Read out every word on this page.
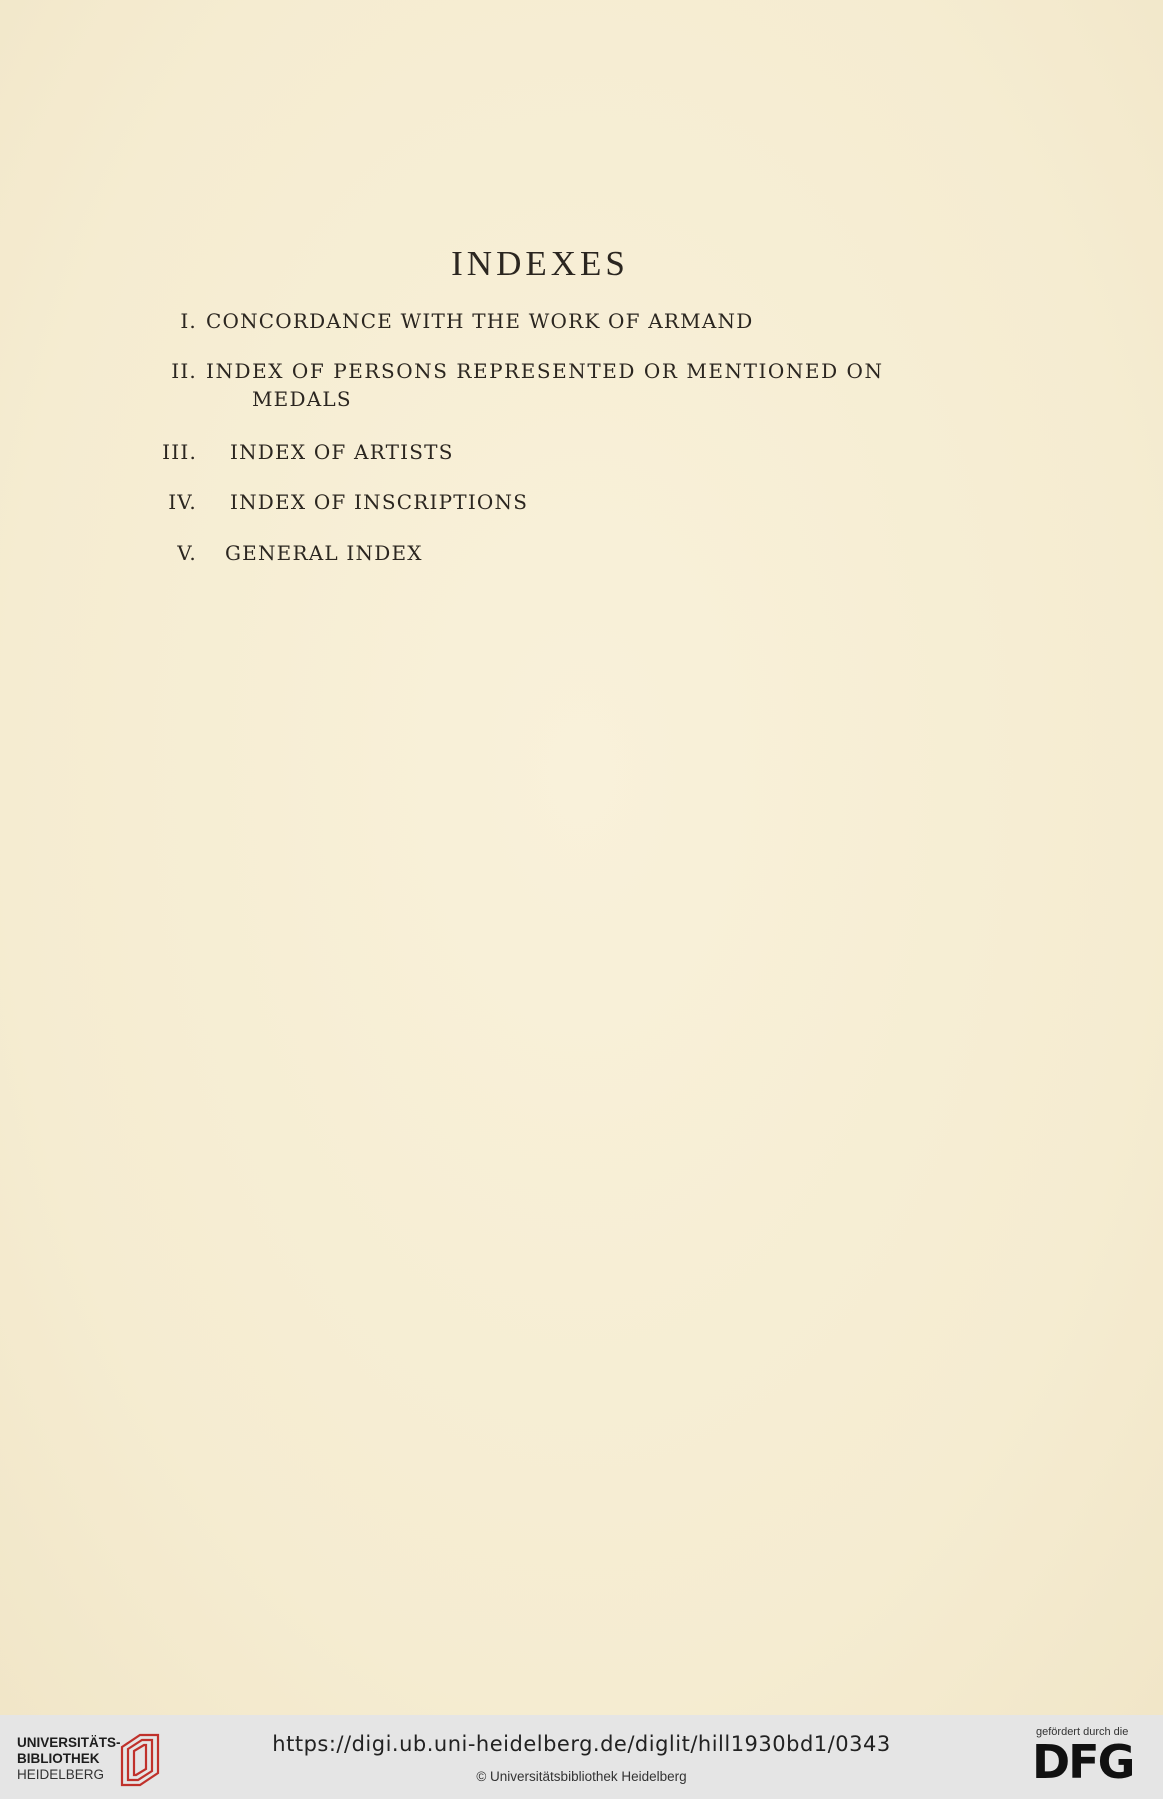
INDEXES
I. CONCORDANCE WITH THE WORK OF ARMAND
II. INDEX OF PERSONS REPRESENTED OR MENTIONED ON
MEDALS
III.	INDEX OF ARTISTS
IV.	INDEX OF INSCRIPTIONS
V.	GENERAL INDEX
UNIVERSITÄTS-
BIBLIOTHEK
HEIDELBERG
https://digi.ub.uni-heidelberg.de/diglit/hill1930bd1/0343
© Universitätsbibliothek Heidelberg
gefördert durch die
DFG
